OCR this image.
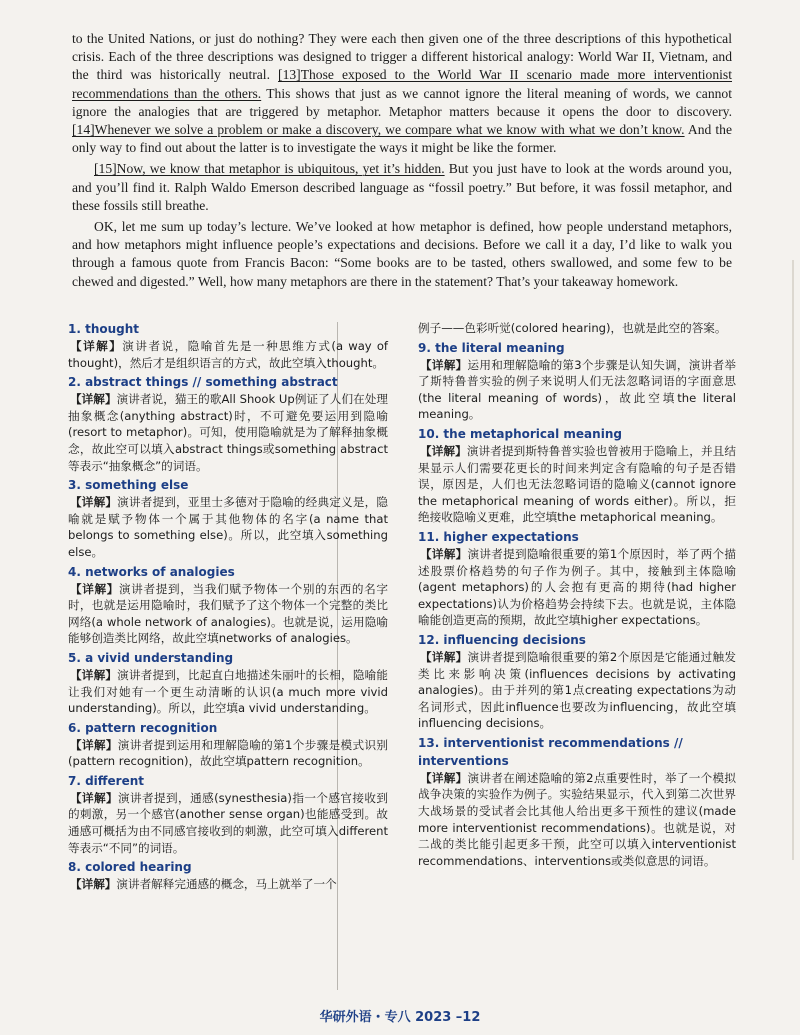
to the United Nations, or just do nothing? They were each then given one of the three descriptions of this hypothetical crisis. Each of the three descriptions was designed to trigger a different historical analogy: World War II, Vietnam, and the third was historically neutral. [13]Those exposed to the World War II scenario made more interventionist recommendations than the others. This shows that just as we cannot ignore the literal meaning of words, we cannot ignore the analogies that are triggered by metaphor. Metaphor matters because it opens the door to discovery. [14]Whenever we solve a problem or make a discovery, we compare what we know with what we don’t know. And the only way to find out about the latter is to investigate the ways it might be like the former.

[15]Now, we know that metaphor is ubiquitous, yet it’s hidden. But you just have to look at the words around you, and you’ll find it. Ralph Waldo Emerson described language as “fossil poetry.” But before, it was fossil metaphor, and these fossils still breathe.

OK, let me sum up today’s lecture. We’ve looked at how metaphor is defined, how people understand metaphors, and how metaphors might influence people’s expectations and decisions. Before we call it a day, I’d like to walk you through a famous quote from Francis Bacon: “Some books are to be tasted, others swallowed, and some few to be chewed and digested.” Well, how many metaphors are there in the statement? That’s your takeaway homework.

1. thought
【详解】演讲者说，隐喻首先是一种思维方式(a way of thought)，然后才是组织语言的方式，故此空填入thought。
2. abstract things // something abstract
【详解】演讲者说，猫王的歌All Shook Up例证了人们在处理抽象概念(anything abstract)时，不可避免要运用到隐喻(resort to metaphor)。可知，使用隐喻就是为了解释抽象概念，故此空可以填入abstract things或something abstract等表示“抽象概念”的词语。
3. something else
【详解】演讲者提到，亚里士多德对于隐喻的经典定义是，隐喻就是赋予物体一个属于其他物体的名字(a name that belongs to something else)。所以，此空填入something else。
4. networks of analogies
【详解】演讲者提到，当我们赋予物体一个别的东西的名字时，也就是运用隐喻时，我们赋予了这个物体一个完整的类比网络(a whole network of analogies)。也就是说，运用隐喻能够创造类比网络，故此空填networks of analogies。
5. a vivid understanding
【详解】演讲者提到，比起直白地描述朱丽叶的长相，隐喻能让我们对她有一个更生动清晰的认识(a much more vivid understanding)。所以，此空填a vivid understanding。
6. pattern recognition
【详解】演讲者提到运用和理解隐喻的第1个步骤是模式识别(pattern recognition)，故此空填pattern recognition。
7. different
【详解】演讲者提到，通感(synesthesia)指一个感官接收到的刺激，另一个感官(another sense organ)也能感受到。故通感可概括为由不同感官接收到的刺激，此空可填入different等表示“不同”的词语。
8. colored hearing
【详解】演讲者解释完通感的概念，马上就举了一个
例子——色彩听觉(colored hearing)，也就是此空的答案。
9. the literal meaning
【详解】运用和理解隐喻的第3个步骤是认知失调，演讲者举了斯特鲁普实验的例子来说明人们无法忽略词语的字面意思(the literal meaning of words)，故此空填the literal meaning。
10. the metaphorical meaning
【详解】演讲者提到斯特鲁普实验也曾被用于隐喻上，并且结果显示人们需要花更长的时间来判定含有隐喻的句子是否错误，原因是，人们也无法忽略词语的隐喻义(cannot ignore the metaphorical meaning of words either)。所以，拒绝接收隐喻义更难，此空填the metaphorical meaning。
11. higher expectations
【详解】演讲者提到隐喻很重要的第1个原因时，举了两个描述股票价格趋势的句子作为例子。其中，接触到主体隐喻(agent metaphors)的人会抱有更高的期待(had higher expectations)认为价格趋势会持续下去。也就是说，主体隐喻能创造更高的预期，故此空填higher expectations。
12. influencing decisions
【详解】演讲者提到隐喻很重要的第2个原因是它能通过触发类比来影响决策(influences decisions by activating analogies)。由于并列的第1点creating expectations为动名词形式，因此influence也要改为influencing，故此空填influencing decisions。
13. interventionist recommendations // interventions
【详解】演讲者在阐述隐喻的第2点重要性时，举了一个模拟战争决策的实验作为例子。实验结果显示，代入到第二次世界大战场景的受试者会比其他人给出更多干预性的建议(made more interventionist recommendations)。也就是说，对二战的类比能引起更多干预，此空可以填入interventionist recommendations、interventions或类似意思的词语。
华研外语・专八 2023 –12
